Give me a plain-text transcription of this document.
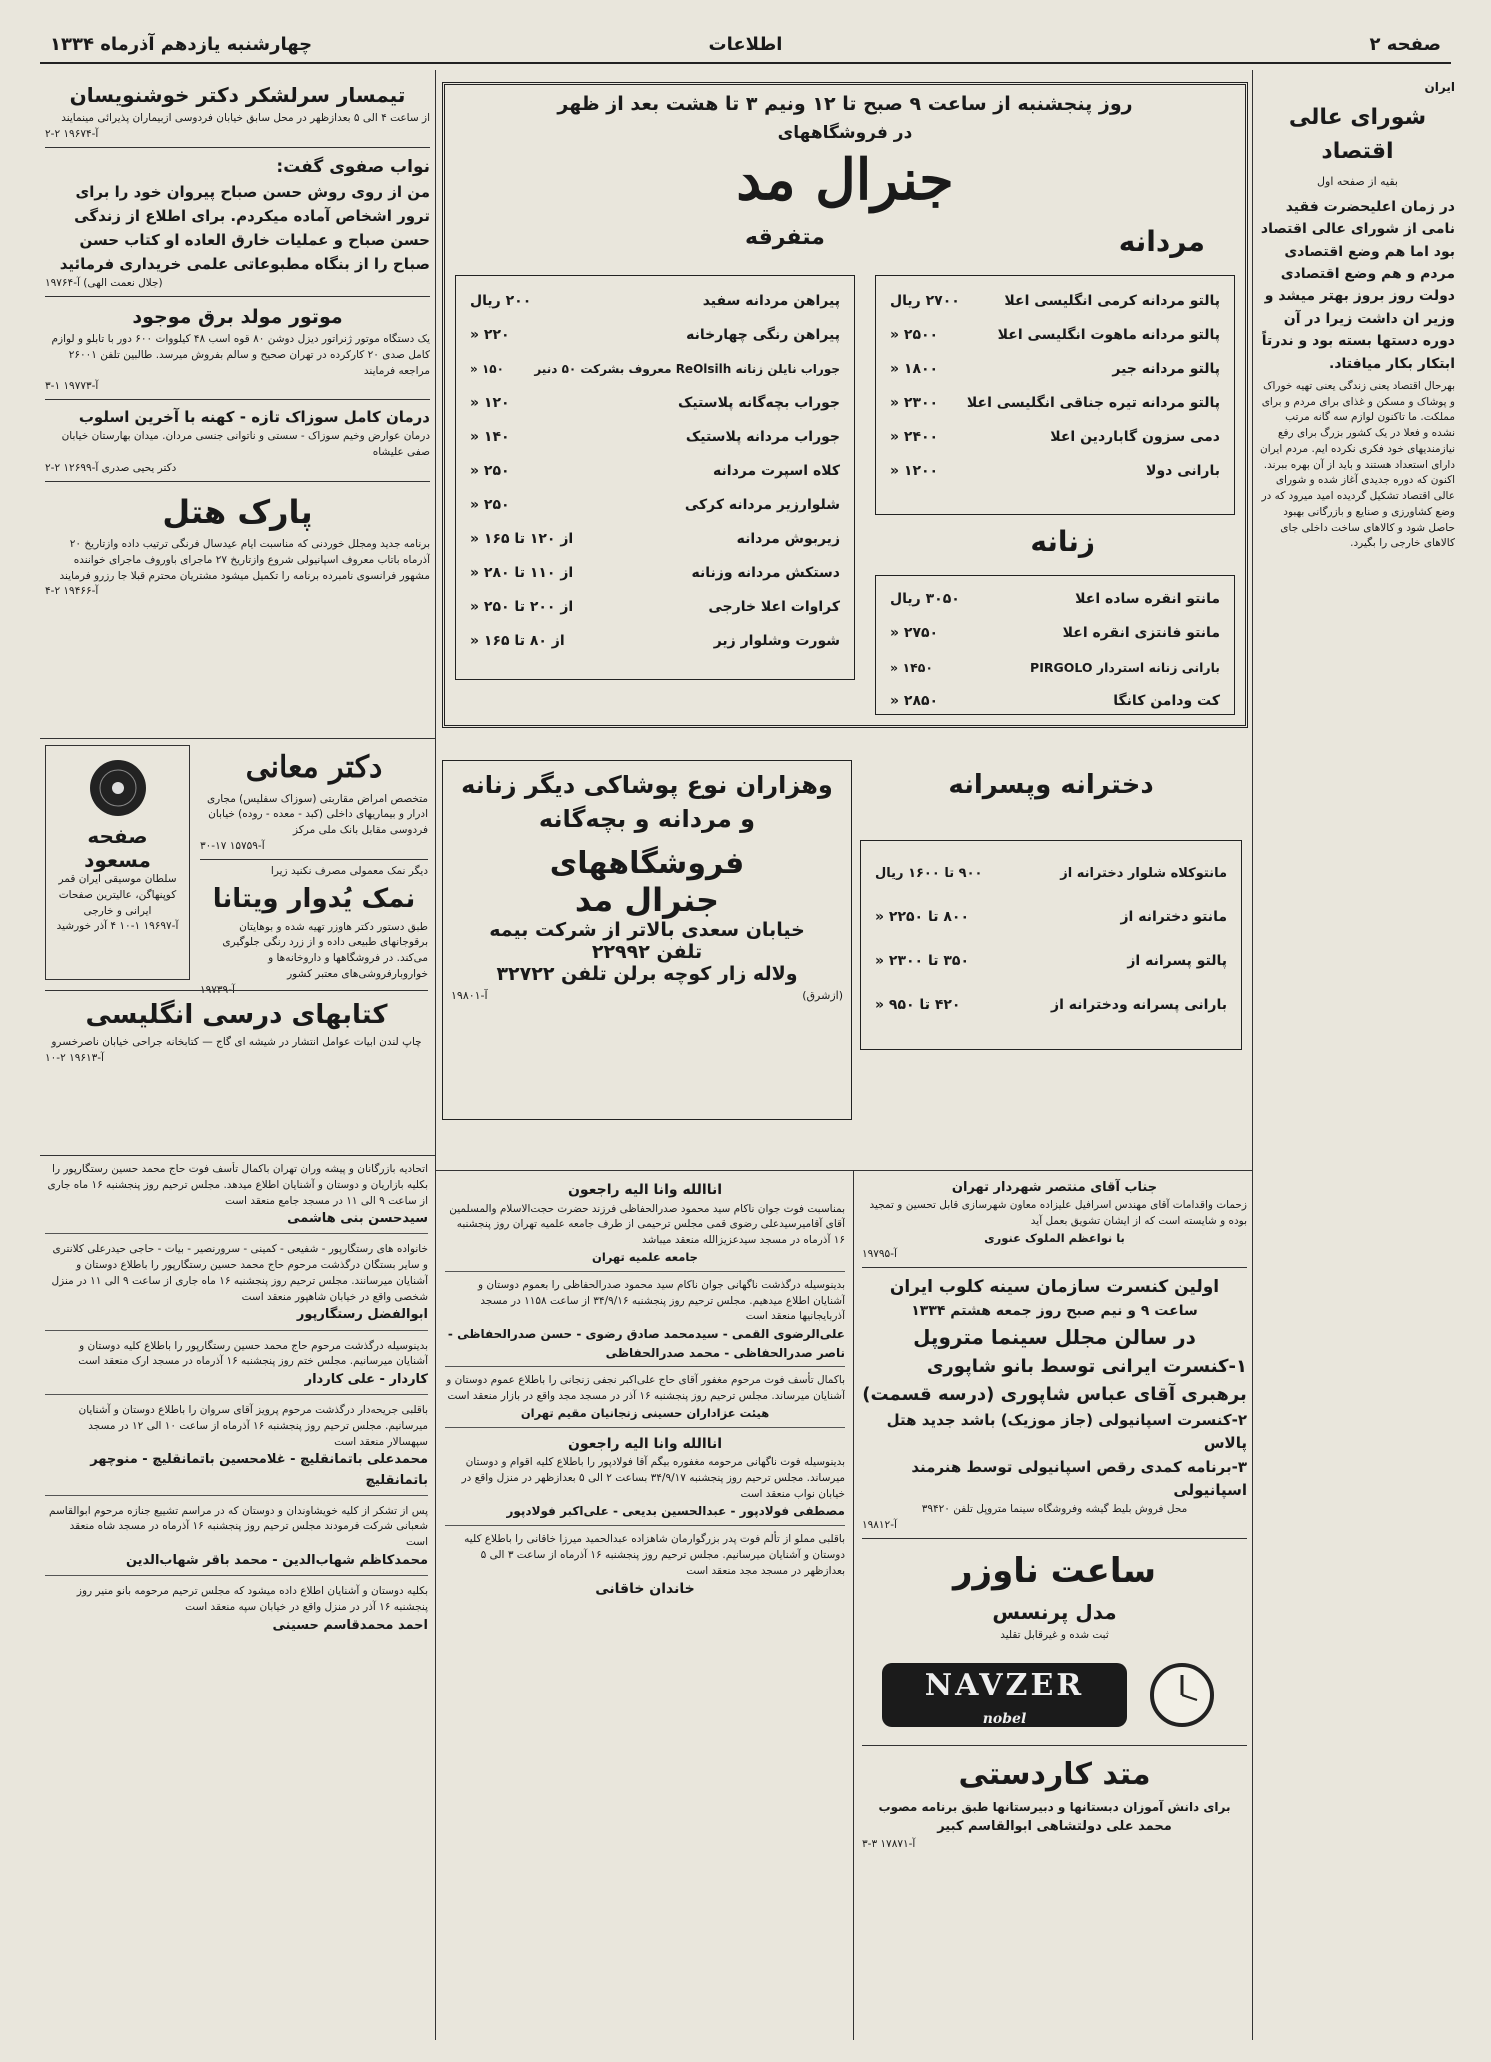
صفحه ۲
اطلاعات
چهارشنبه یازدهم آذرماه ۱۳۳۴
ایران
شورای عالی اقتصاد
بقیه از صفحه اول

در زمان اعلیحضرت فقید نامی از شورای عالی اقتصاد بود اما هم وضع اقتصادی مردم و هم وضع اقتصادی دولت روز بروز بهتر میشد و وزیر ان داشت زیرا در آن دوره دستها بسته بود و ندرتاً ابتکار بکار میافتاد.

بهرحال اقتصاد یعنی زندگی یعنی تهیه خوراک و پوشاک و مسکن و غذای برای مردم و برای مملکت. ما تاکنون لوازم سه گانه مرتب نشده و فعلا در یک کشور بزرگ برای رفع نیازمندیهای خود فکری نکرده ایم. مردم ایران دارای استعداد هستند و باید از آن بهره ببرند. اکنون که دوره جدیدی آغاز شده و شورای عالی اقتصاد تشکیل گردیده امید میرود که در وضع کشاورزی و صنایع و بازرگانی بهبود حاصل شود و کالاهای ساخت داخلی جای کالاهای خارجی را بگیرد.

تیمسار سرلشکر دکتر خوشنویسان
از ساعت ۴ الی ۵ بعدازظهر در محل سابق خیابان فردوسی ازبیماران پذیرائی مینمایند
آ-۱۹۶۷۴ ۲-۲
نواب صفوی گفت:
من از روی روش حسن صباح پیروان خود را برای ترور اشخاص آماده میکردم. برای اطلاع از زندگی حسن صباح و عملیات خارق العاده او کتاب حسن صباح را از بنگاه مطبوعاتی علمی خریداری فرمائید
(جلال نعمت الهی) آ-۱۹۷۶۴
موتور مولد برق موجود
یک دستگاه موتور ژنراتور دیزل دوشن ۸۰ قوه اسب ۴۸ کیلووات ۶۰۰ دور با تابلو و لوازم کامل صدی ۲۰ کارکرده در تهران صحیح و سالم بفروش میرسد. طالبین تلفن ۲۶۰۰۱ مراجعه فرمایند
آ-۱۹۷۷۳ ۱-۳
درمان کامل سوزاک تازه - کهنه با آخرین اسلوب
درمان عوارض وخیم سوزاک - سستی و ناتوانی جنسی مردان. میدان بهارستان خیابان صفی علیشاه
دکتر یحیی صدری آ-۱۲۶۹۹ ۲-۲
پارک هتل
برنامه جدید ومجلل خوردنی که مناسبت ایام عیدسال فرنگی ترتیب داده وازتاریخ ۲۰ آذرماه باتاب معروف اسپانیولی شروع وازتاریخ ۲۷ ماجرای باوروف ماجرای خواننده مشهور فرانسوی نامبرده برنامه را تکمیل میشود مشتریان محترم قبلا جا رزرو فرمایند
آ-۱۹۴۶۶ ۲-۴
دکتر معانی
متخصص امراض مقاربتی (سوزاک سفلیس) مجاری ادرار و بیماریهای داخلی (کبد - معده - روده) خیابان فردوسی مقابل بانک ملی مرکز
آ-۱۵۷۵۹ ۱۷-۳۰
دیگر نمک معمولی مصرف نکنید زیرا
نمک یُدوار ویتانا
طبق دستور دکتر هاوزر تهیه شده و بوهایتان برقوجانهای طبیعی داده و از زرد رنگی جلوگیری می‌کند. در فروشگاهها و داروخانه‌ها و خواروبارفروشی‌های معتبر کشور
آ-۱۹۷۳۹
کتابهای درسی انگلیسی
چاپ لندن ابیات عوامل انتشار در شیشه ای گاج — کتابخانه جراحی خیابان ناصرخسرو
آ-۱۹۶۱۳ ۲-۱۰
صفحه مسعود
سلطان موسیقی ایران قمر کوپنهاگن، عالیترین صفحات ایرانی و خارجی
آ-۱۹۶۹۷ ۱-۱۰ ۴ آذر خورشید
اتحادیه بازرگانان و پیشه وران تهران باکمال تأسف فوت حاج محمد حسین رستگارپور را بکلیه بازاریان و دوستان و آشنایان اطلاع میدهد. مجلس ترحیم روز پنجشنبه ۱۶ ماه جاری از ساعت ۹ الی ۱۱ در مسجد جامع منعقد است
سیدحسن بنی هاشمی
خانواده های رستگارپور - شفیعی - کمینی - سرورنصیر - بیات - حاجی حیدرعلی کلانتری و سایر بستگان درگذشت مرحوم حاج محمد حسین رستگارپور را باطلاع دوستان و آشنایان میرسانند. مجلس ترحیم روز پنجشنبه ۱۶ ماه جاری از ساعت ۹ الی ۱۱ در منزل شخصی واقع در خیابان شاهپور منعقد است
ابوالفضل رستگارپور
بدینوسیله درگذشت مرحوم حاج محمد حسین رستگارپور را باطلاع کلیه دوستان و آشنایان میرسانیم. مجلس ختم روز پنجشنبه ۱۶ آذرماه در مسجد ارک منعقد است
کاردار - علی کاردار
باقلبی جریحه‌دار درگذشت مرحوم پرویز آقای سروان را باطلاع دوستان و آشنایان میرسانیم. مجلس ترحیم روز پنجشنبه ۱۶ آذرماه از ساعت ۱۰ الی ۱۲ در مسجد سپهسالار منعقد است
محمدعلی باتمانقلیچ - غلامحسین باتمانقلیچ - منوچهر باتمانقلیچ
پس از تشکر از کلیه خویشاوندان و دوستان که در مراسم تشییع جنازه مرحوم ابوالقاسم شعبانی شرکت فرمودند مجلس ترحیم روز پنجشنبه ۱۶ آذرماه در مسجد شاه منعقد است
محمدکاظم شهاب‌الدین - محمد باقر شهاب‌الدین
بکلیه دوستان و آشنایان اطلاع داده میشود که مجلس ترحیم مرحومه بانو منیر روز پنجشنبه ۱۶ آذر در منزل واقع در خیابان سپه منعقد است
احمد محمدقاسم حسینی
روز پنجشنبه از ساعت ۹ صبح تا ۱۲ ونیم ۳ تا هشت بعد از ظهر
در فروشگاههای
جنرال مد
مردانه
متفرقه
پالتو مردانه کرمی انگلیسی اعلا
۲۷۰۰ ریال
پالتو مردانه ماهوت انگلیسی اعلا
۲۵۰۰ «
پالتو مردانه جیر
۱۸۰۰ «
پالتو مردانه تیره جناقی انگلیسی اعلا
۲۳۰۰ «
دمی سزون گاباردین اعلا
۲۴۰۰ «
بارانی دولا
۱۲۰۰ «
پیراهن مردانه سفید
۲۰۰ ریال
پیراهن رنگی چهارخانه
۲۲۰ «
جوراب نایلن زنانه ReOlsilh معروف بشرکت ۵۰ دنیر
۱۵۰ «
جوراب بچه‌گانه پلاستیک
۱۲۰ «
جوراب مردانه پلاستیک
۱۴۰ «
کلاه اسپرت مردانه
۲۵۰ «
شلوارزیر مردانه کرکی
۲۵۰ «
زیربوش مردانه
از ۱۲۰ تا ۱۶۵ «
دستکش مردانه وزنانه
از ۱۱۰ تا ۲۸۰ «
کراوات اعلا خارجی
از ۲۰۰ تا ۲۵۰ «
شورت وشلوار زیر
از ۸۰ تا ۱۶۵ «
زنانه
مانتو انقره ساده اعلا
۳۰۵۰ ریال
مانتو فانتزی انقره اعلا
۲۷۵۰ «
بارانی زنانه استردار PIRGOLO
۱۴۵۰ «
کت ودامن کانگا
۲۸۵۰ «
وهزاران نوع پوشاکی دیگر زنانه و مردانه و بچه‌گانه
فروشگاههای
جنرال مد
خیابان سعدی بالاتر از شرکت بیمه
تلفن ۲۲۹۹۲
ولاله زار کوچه برلن تلفن ۳۲۷۲۲
(ازشرق)
آ-۱۹۸۰۱
دخترانه وپسرانه
مانتوکلاه شلوار دخترانه از
۹۰۰ تا ۱۶۰۰ ریال
مانتو دخترانه از
۸۰۰ تا ۲۲۵۰ «
پالتو پسرانه از
۳۵۰ تا ۲۳۰۰ «
بارانی پسرانه ودخترانه از
۴۲۰ تا ۹۵۰ «
اناالله وانا الیه راجعون
بمناسبت فوت جوان ناکام سید محمود صدرالحفاظی فرزند حضرت حجت‌الاسلام والمسلمین آقای آقامیرسیدعلی رضوی قمی مجلس ترحیمی از طرف جامعه علمیه تهران روز پنجشنبه ۱۶ آذرماه در مسجد سیدعزیزالله منعقد میباشد
جامعه علمیه تهران
بدینوسیله درگذشت ناگهانی جوان ناکام سید محمود صدرالحفاظی را بعموم دوستان و آشنایان اطلاع میدهیم. مجلس ترحیم روز پنجشنبه ۳۴/۹/۱۶ از ساعت ۱۱۵۸ در مسجد آذربایجانیها منعقد است
علی‌الرضوی القمی - سیدمحمد صادق رضوی - حسن صدرالحفاظی - ناصر صدرالحفاظی - محمد صدرالحفاظی
باکمال تأسف فوت مرحوم مغفور آقای حاج علی‌اکبر نجفی زنجانی را باطلاع عموم دوستان و آشنایان میرساند. مجلس ترحیم روز پنجشنبه ۱۶ آذر در مسجد مجد واقع در بازار منعقد است
هیئت عزاداران حسینی زنجانیان مقیم تهران
اناالله وانا الیه راجعون
بدینوسیله فوت ناگهانی مرحومه مغفوره بیگم آقا فولادپور را باطلاع کلیه اقوام و دوستان میرساند. مجلس ترحیم روز پنجشنبه ۳۴/۹/۱۷ بساعت ۲ الی ۵ بعدازظهر در منزل واقع در خیابان نواب منعقد است
مصطفی فولادپور - عبدالحسین بدیعی - علی‌اکبر فولادپور
باقلبی مملو از تألم فوت پدر بزرگوارمان شاهزاده عبدالحمید میرزا خاقانی را باطلاع کلیه دوستان و آشنایان میرسانیم. مجلس ترحیم روز پنجشنبه ۱۶ آذرماه از ساعت ۳ الی ۵ بعدازظهر در مسجد مجد منعقد است
خاندان خاقانی
جناب آقای منتصر شهردار تهران
زحمات واقدامات آقای مهندس اسرافیل علیزاده معاون شهرسازی قابل تحسین و تمجید بوده و شایسته است که از ایشان تشویق بعمل آید
با نواعظم الملوک عنوری
آ-۱۹۷۹۵
اولین کنسرت سازمان سینه کلوب ایران
ساعت ۹ و نیم صبح روز جمعه هشتم ۱۳۳۴
در سالن مجلل سینما متروپل
۱-کنسرت ایرانی توسط بانو شاپوری
برهبری آقای عباس شاپوری (درسه قسمت)
۲-کنسرت اسپانیولی (جاز موزیک) باشد جدید هتل پالاس
۳-برنامه کمدی رقص اسپانیولی توسط هنرمند اسپانیولی
محل فروش بلیط گیشه وفروشگاه سینما متروپل تلفن ۳۹۴۲۰
آ-۱۹۸۱۲
ساعت ناوزر
مدل پرنسس
ثبت شده و غیرقابل تقلید
NAVZER
nobel
متد کاردستی
برای دانش آموزان دبستانها و دبیرستانها طبق برنامه مصوب
محمد علی دولتشاهی ابوالقاسم کبیر
آ-۱۷۸۷۱ ۳-۳
